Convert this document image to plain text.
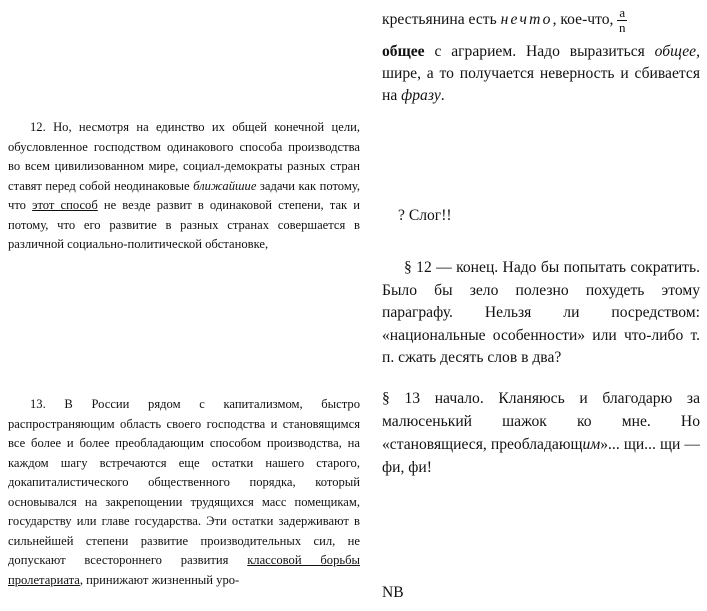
12. Но, несмотря на единство их общей конечной цели, обусловленное господством одинакового способа производства во всем цивилизованном мире, социал-демократы разных стран ставят перед собой неодинаковые ближайшие задачи как потому, что этот способ не везде развит в одинаковой степени, так и потому, что его развитие в разных странах совершается в различной социально-политической обстановке,
13. В России рядом с капитализмом, быстро распространяющим область своего господства и становящимся все более и более преобладающим способом производства, на каждом шагу встречаются еще остатки нашего старого, докапиталистического общественного порядка, который основывался на закрепощении трудящихся масс помещикам, государству или главе государства. Эти остатки задерживают в сильнейшей степени развитие производительных сил, не допускают всестороннего развития классовой борьбы пролетариата, принижают жизненный уро-
крестьянина есть нечто, кое-что, $\frac{a}{n}$
общее с аграрием. Надо выразиться общее, шире, а то получается неверность и сбивается на фразу.
? Слог!!
§ 12 — конец. Надо бы попытать сократить. Было бы зело полезно похудеть этому параграфу. Нельзя ли посредством: «национальные особенности» или что-либо т. п. сжать десять слов в два?
§ 13 начало. Кланяюсь и благодарю за малюсенький шажок ко мне. Но «становящиеся, преобладающим»... щи... щи — фи, фи!
NB
